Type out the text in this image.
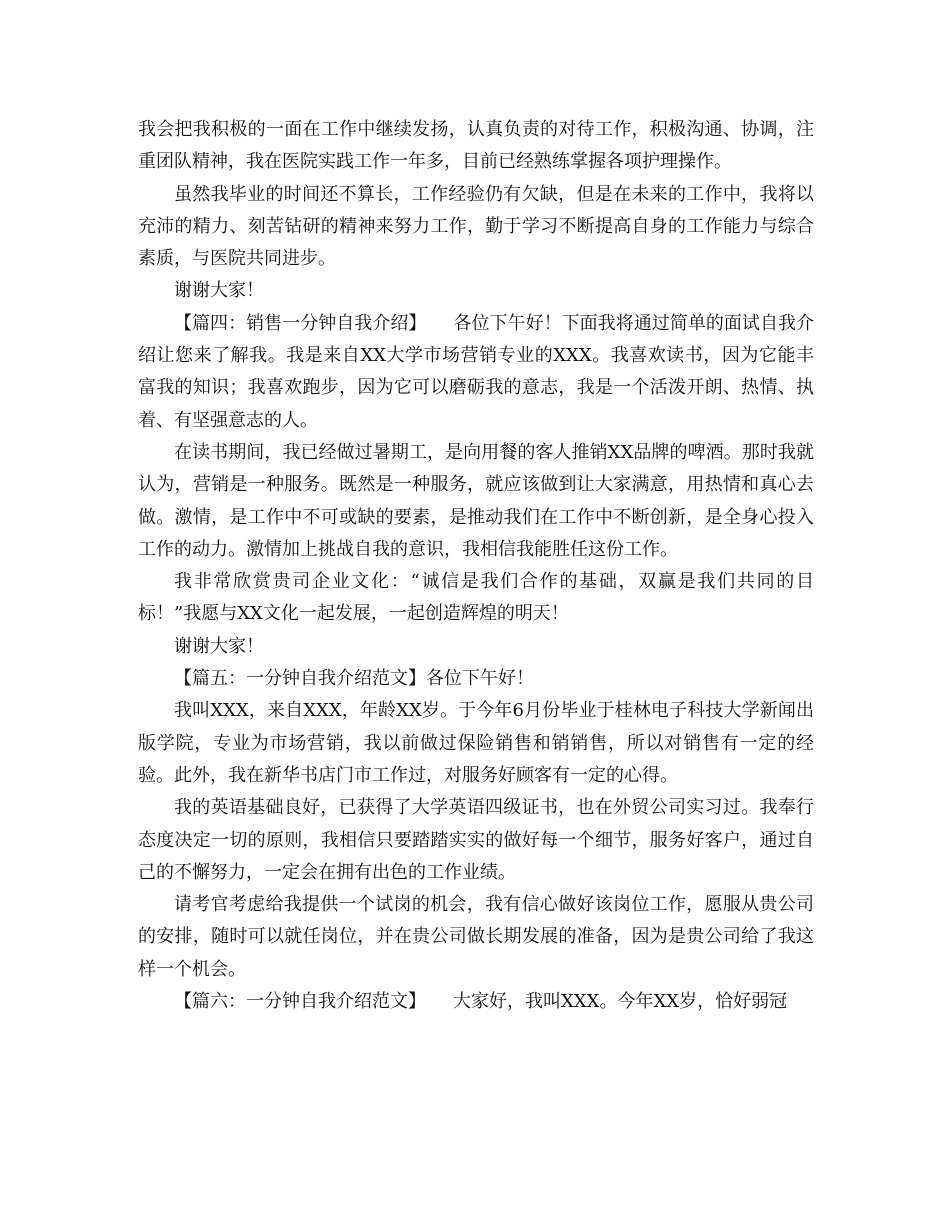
我会把我积极的一面在工作中继续发扬，认真负责的对待工作，积极沟通、协调，注重团队精神，我在医院实践工作一年多，目前已经熟练掌握各项护理操作。

虽然我毕业的时间还不算长，工作经验仍有欠缺，但是在未来的工作中，我将以充沛的精力、刻苦钻研的精神来努力工作，勤于学习不断提高自身的工作能力与综合素质，与医院共同进步。

谢谢大家！

【篇四：销售一分钟自我介绍】　　各位下午好！下面我将通过简单的面试自我介绍让您来了解我。我是来自XX大学市场营销专业的XXX。我喜欢读书，因为它能丰富我的知识；我喜欢跑步，因为它可以磨砺我的意志，我是一个活泼开朗、热情、执着、有坚强意志的人。

在读书期间，我已经做过暑期工，是向用餐的客人推销XX品牌的啤酒。那时我就认为，营销是一种服务。既然是一种服务，就应该做到让大家满意，用热情和真心去做。激情，是工作中不可或缺的要素，是推动我们在工作中不断创新，是全身心投入工作的动力。激情加上挑战自我的意识，我相信我能胜任这份工作。

我非常欣赏贵司企业文化：“诚信是我们合作的基础，双赢是我们共同的目标！”我愿与XX文化一起发展，一起创造辉煌的明天！

谢谢大家！

【篇五：一分钟自我介绍范文】各位下午好！

我叫XXX，来自XXX，年龄XX岁。于今年6月份毕业于桂林电子科技大学新闻出版学院，专业为市场营销，我以前做过保险销售和销销售，所以对销售有一定的经验。此外，我在新华书店门市工作过，对服务好顾客有一定的心得。

我的英语基础良好，已获得了大学英语四级证书，也在外贸公司实习过。我奉行态度决定一切的原则，我相信只要踏踏实实的做好每一个细节，服务好客户，通过自己的不懈努力，一定会在拥有出色的工作业绩。

请考官考虑给我提供一个试岗的机会，我有信心做好该岗位工作，愿服从贵公司的安排，随时可以就任岗位，并在贵公司做长期发展的准备，因为是贵公司给了我这样一个机会。

【篇六：一分钟自我介绍范文】　　大家好，我叫XXX。今年XX岁，恰好弱冠
